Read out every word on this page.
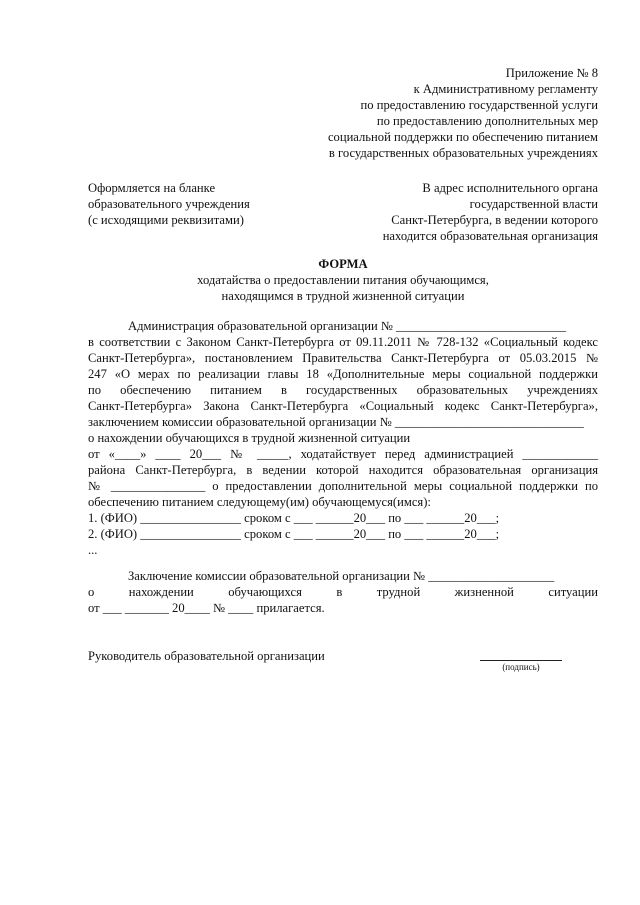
Приложение № 8
к Административному регламенту
по предоставлению государственной услуги
по предоставлению дополнительных мер
социальной поддержки по обеспечению питанием
в государственных образовательных учреждениях
Оформляется на бланке
образовательного учреждения
(с исходящими реквизитами)
В адрес исполнительного органа
государственной власти
Санкт-Петербурга, в ведении которого
находится образовательная организация
ФОРМА
ходатайства о предоставлении питания обучающимся,
находящимся в трудной жизненной ситуации
Администрация образовательной организации № ___________________________
в соответствии с Законом Санкт-Петербурга от 09.11.2011 № 728-132 «Социальный кодекс
Санкт-Петербурга», постановлением Правительства Санкт-Петербурга от 05.03.2015 №
247 «О мерах по реализации главы 18 «Дополнительные меры социальной поддержки
по обеспечению питанием в государственных образовательных учреждениях
Санкт-Петербурга» Закона Санкт-Петербурга «Социальный кодекс Санкт-Петербурга»,
заключением комиссии образовательной организации № ______________________________
о нахождении обучающихся в трудной жизненной ситуации
от «____» ____ 20___ № _____, ходатайствует перед администрацией ____________
района Санкт-Петербурга, в ведении которой находится образовательная организация
№ _______________ о предоставлении дополнительной меры социальной поддержки по
обеспечению питанием следующему(им) обучающемуся(имся):
1. (ФИО) ________________ сроком с ___ ______20___ по ___ ______20___;
2. (ФИО) ________________ сроком с ___ ______20___ по ___ ______20___;
...
Заключение комиссии образовательной организации № ____________________
о нахождении обучающихся в трудной жизненной ситуации
от ___ _______ 20____ № ____ прилагается.
Руководитель образовательной организации
(подпись)
